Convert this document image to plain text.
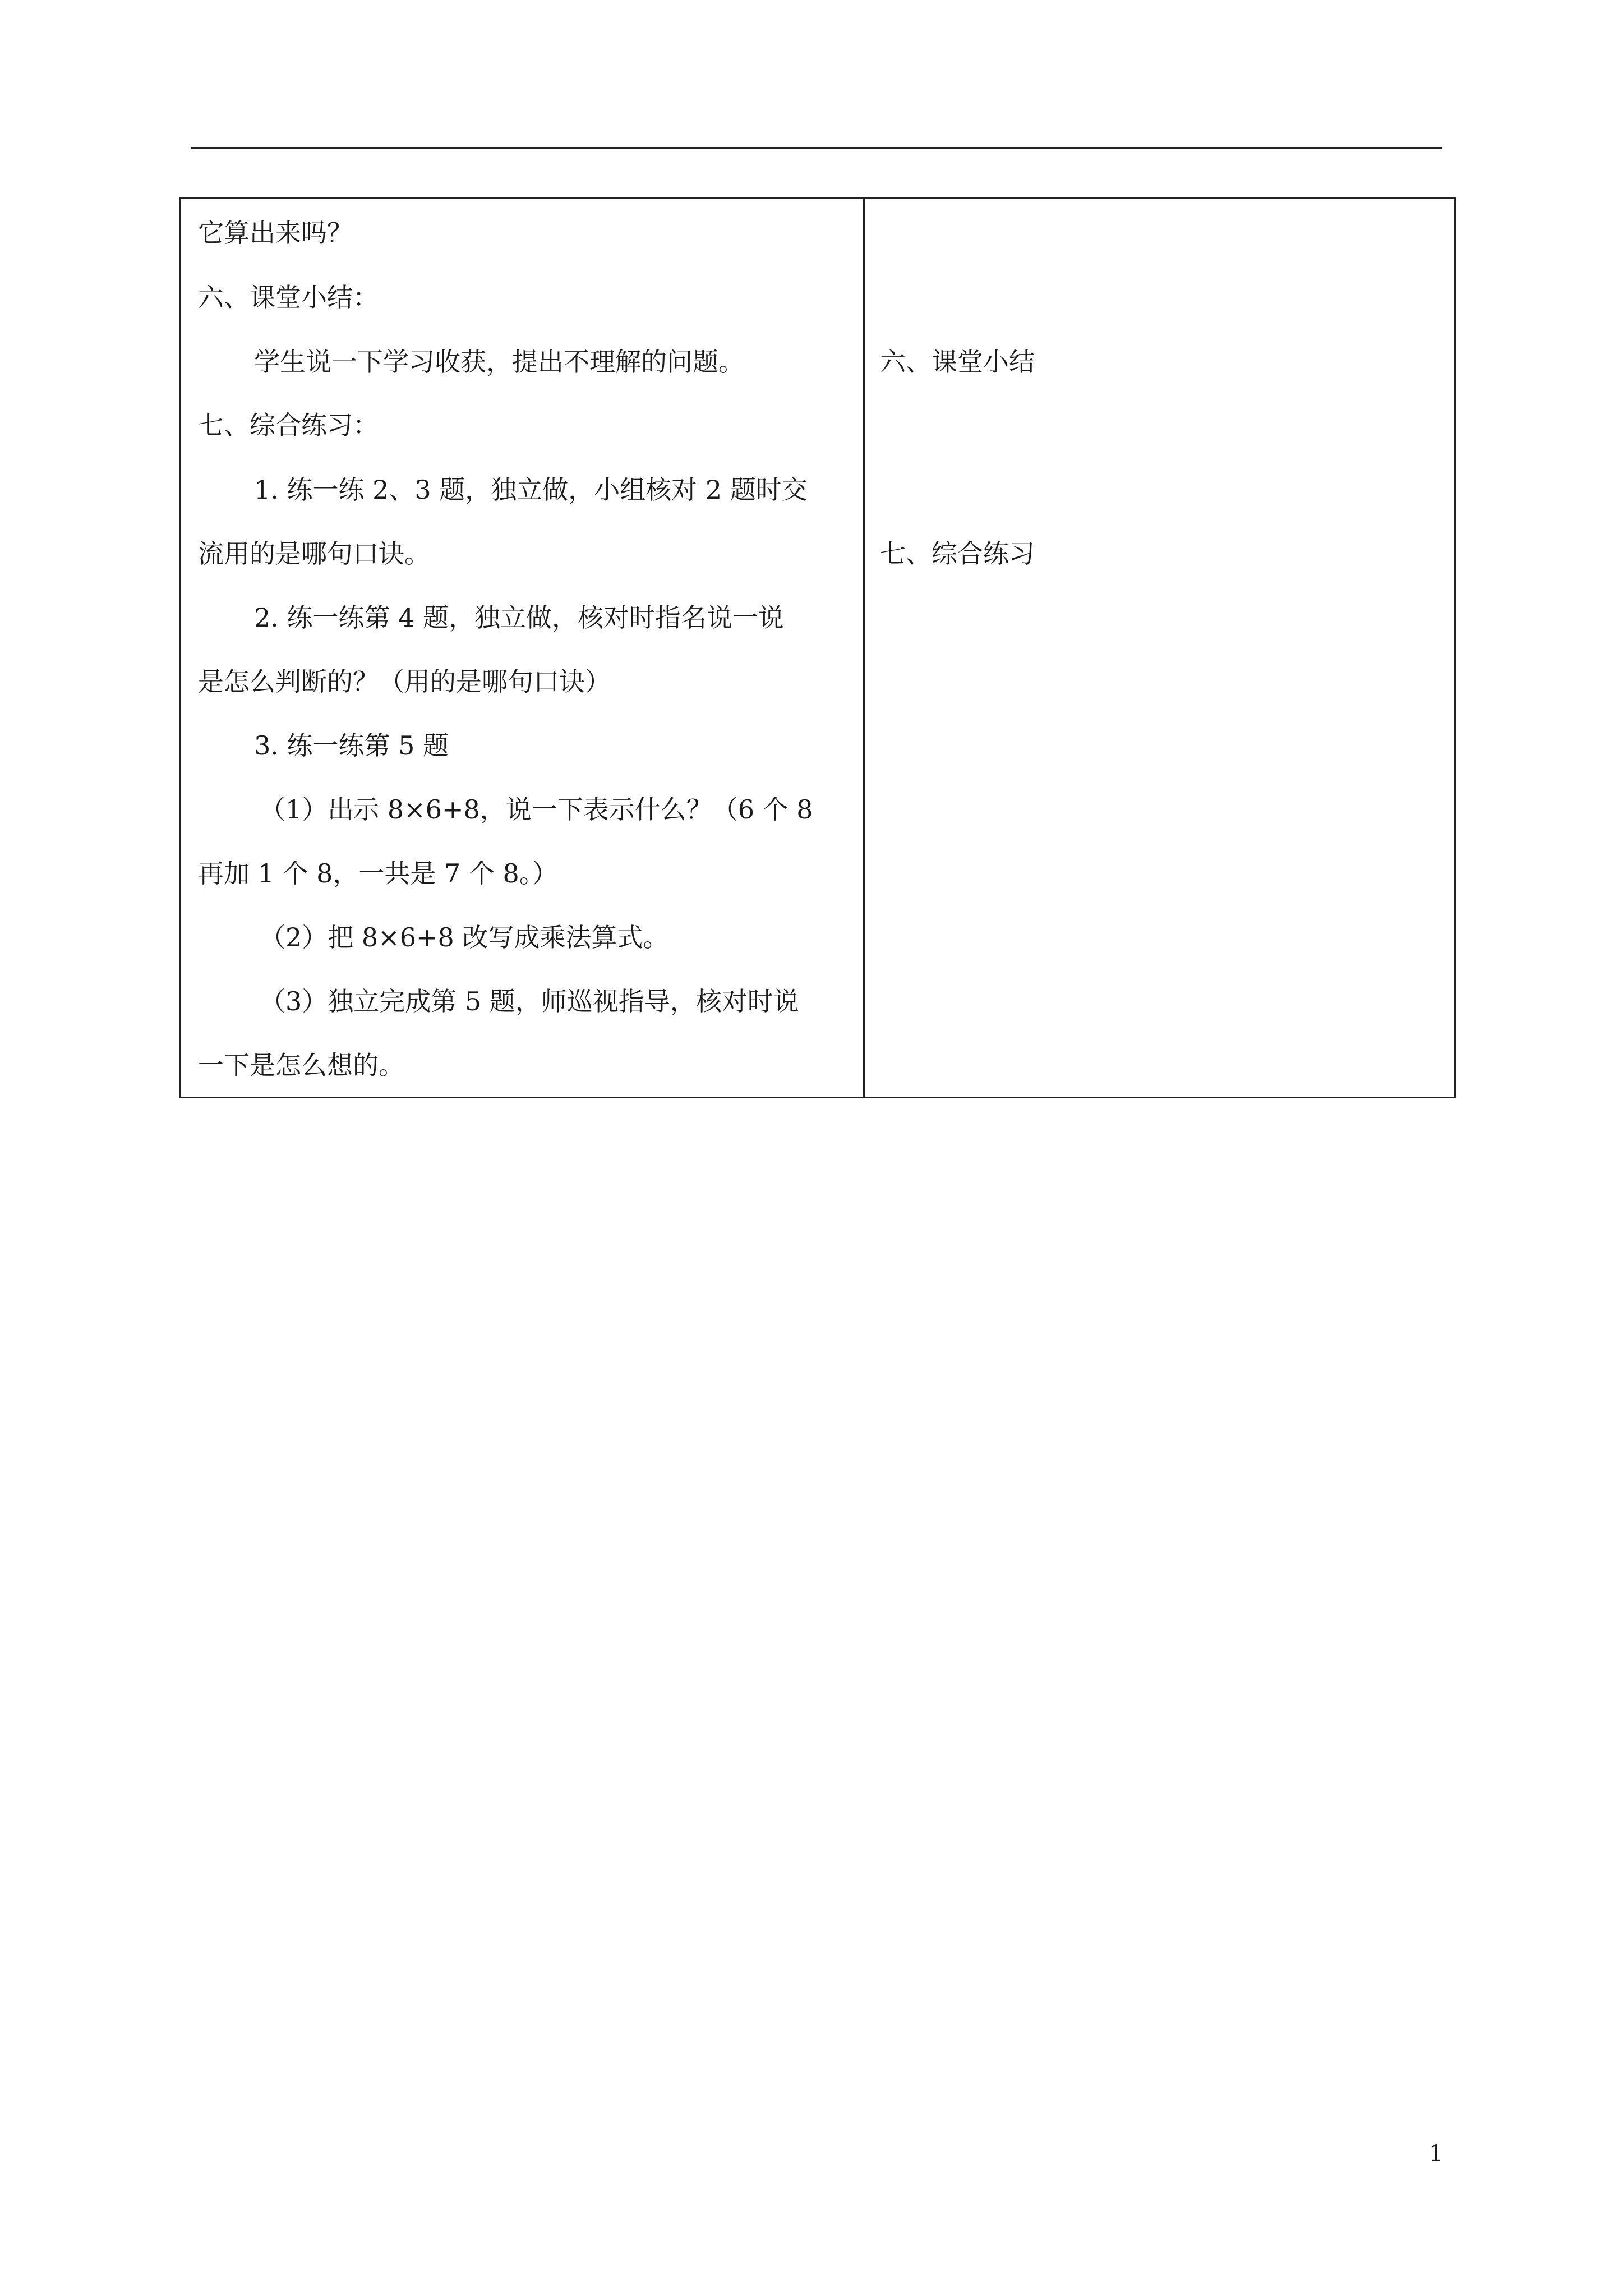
它算出来吗？
六、课堂小结：
学生说一下学习收获，提出不理解的问题。
七、综合练习：
1. 练一练 2、3 题，独立做，小组核对 2 题时交
流用的是哪句口诀。
2. 练一练第 4 题，独立做，核对时指名说一说
是怎么判断的？（用的是哪句口诀）
3. 练一练第 5 题
（1）出示 8×6+8，说一下表示什么？（6 个 8
再加 1 个 8，一共是 7 个 8。）
（2）把 8×6+8 改写成乘法算式。
（3）独立完成第 5 题，师巡视指导，核对时说
一下是怎么想的。
六、课堂小结
七、综合练习
1
